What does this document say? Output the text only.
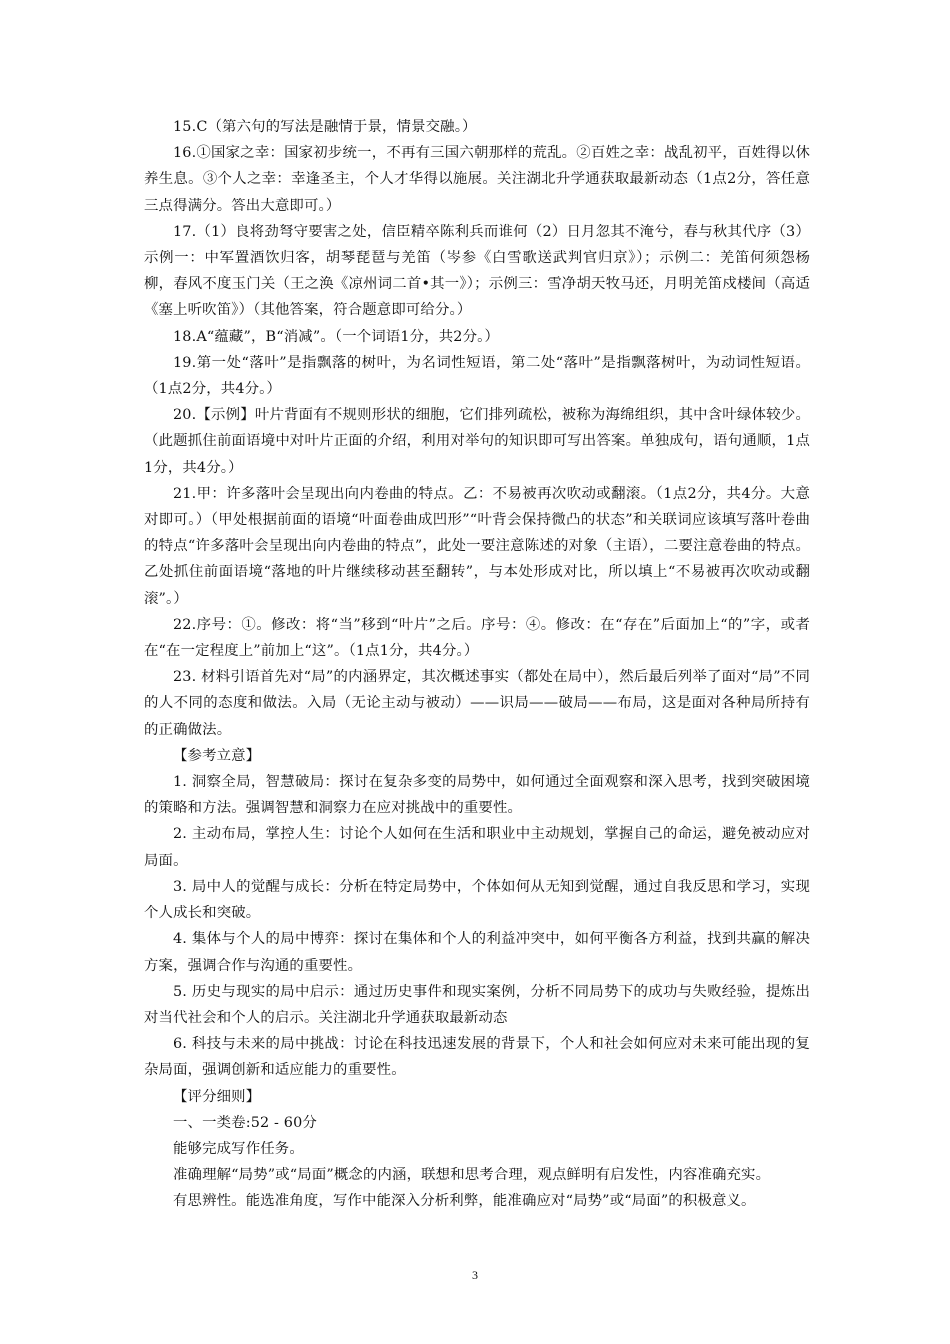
15.C（第六句的写法是融情于景，情景交融。）

16.①国家之幸：国家初步统一，不再有三国六朝那样的荒乱。②百姓之幸：战乱初平，百姓得以休养生息。③个人之幸：幸逢圣主，个人才华得以施展。关注湖北升学通获取最新动态（1点2分，答任意三点得满分。答出大意即可。）

17.（1）良将劲弩守要害之处，信臣精卒陈利兵而谁何（2）日月忽其不淹兮，春与秋其代序（3）示例一：中军置酒饮归客，胡琴琵琶与羌笛（岑参《白雪歌送武判官归京》）；示例二：羌笛何须怨杨柳，春风不度玉门关（王之涣《凉州词二首•其一》）；示例三：雪净胡天牧马还，月明羌笛戍楼间（高适《塞上听吹笛》）（其他答案，符合题意即可给分。）

18.A“蕴藏”，B“消减”。（一个词语1分，共2分。）

19.第一处“落叶”是指飘落的树叶，为名词性短语，第二处“落叶”是指飘落树叶，为动词性短语。（1点2分，共4分。）

20.【示例】叶片背面有不规则形状的细胞，它们排列疏松，被称为海绵组织，其中含叶绿体较少。（此题抓住前面语境中对叶片正面的介绍，利用对举句的知识即可写出答案。单独成句，语句通顺，1点1分，共4分。）

21.甲：许多落叶会呈现出向内卷曲的特点。乙：不易被再次吹动或翻滚。（1点2分，共4分。大意对即可。）（甲处根据前面的语境“叶面卷曲成凹形”“叶背会保持微凸的状态”和关联词应该填写落叶卷曲的特点“许多落叶会呈现出向内卷曲的特点”，此处一要注意陈述的对象（主语），二要注意卷曲的特点。乙处抓住前面语境“落地的叶片继续移动甚至翻转”，与本处形成对比，所以填上“不易被再次吹动或翻滚”。）

22.序号：①。修改：将“当”移到“叶片”之后。序号：④。修改：在“存在”后面加上“的”字，或者在“在一定程度上”前加上“这”。（1点1分，共4分。）

23. 材料引语首先对“局”的内涵界定，其次概述事实（都处在局中），然后最后列举了面对“局”不同的人不同的态度和做法。入局（无论主动与被动）——识局——破局——布局，这是面对各种局所持有的正确做法。

【参考立意】

1. 洞察全局，智慧破局：探讨在复杂多变的局势中，如何通过全面观察和深入思考，找到突破困境的策略和方法。强调智慧和洞察力在应对挑战中的重要性。

2. 主动布局，掌控人生：讨论个人如何在生活和职业中主动规划，掌握自己的命运，避免被动应对局面。

3. 局中人的觉醒与成长：分析在特定局势中，个体如何从无知到觉醒，通过自我反思和学习，实现个人成长和突破。

4. 集体与个人的局中博弈：探讨在集体和个人的利益冲突中，如何平衡各方利益，找到共赢的解决方案，强调合作与沟通的重要性。

5. 历史与现实的局中启示：通过历史事件和现实案例，分析不同局势下的成功与失败经验，提炼出对当代社会和个人的启示。关注湖北升学通获取最新动态

6. 科技与未来的局中挑战：讨论在科技迅速发展的背景下，个人和社会如何应对未来可能出现的复杂局面，强调创新和适应能力的重要性。

【评分细则】

一、一类卷:52 - 60分

能够完成写作任务。

准确理解“局势”或“局面”概念的内涵，联想和思考合理，观点鲜明有启发性，内容准确充实。

有思辨性。能选准角度，写作中能深入分析利弊，能准确应对“局势”或“局面”的积极意义。

3
